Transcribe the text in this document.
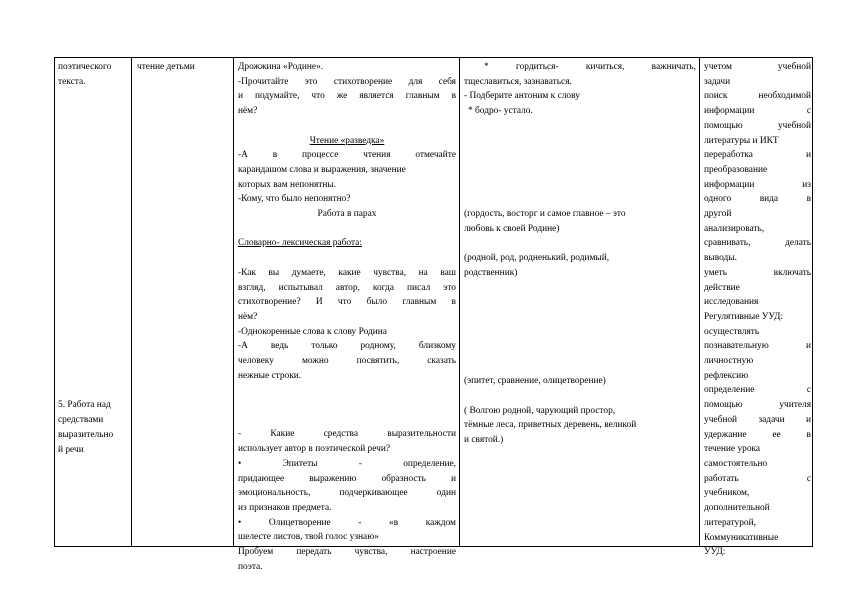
поэтического

текста.

5. Работа над

средствами

выразительно

й речи

чтение детьми	Дрожжина «Родине».

-Прочитайте это стихотворение для себя

и подумайте, что же является главным в

нём?

Чтение «разведка»

-А в процессе чтения отмечайте

карандашом слова и выражения, значение

которых вам непонятны.

-Кому, что было непонятно?

Работа в парах

Словарно- лексическая работа:

-Как вы думаете, какие чувства, на ваш

взгляд, испытывал автор, когда писал это

стихотворение? И что было главным в

нём?

-Однокоренные слова к слову Родина

-А ведь только родному, близкому

человеку можно посвятить, сказать

нежные строки.

- Какие средства выразительности

использует автор в поэтической речи?

• Эпитеты - определение,

придающее выражению образность и

эмоциональность, подчеркивающее один

из признаков предмета.

• Олицетворение - «в каждом

шелесте листов, твой голос узнаю»

Пробуем передать чувства, настроение

поэта.

* гордиться- кичиться, важничать,

тщеславиться, зазнаваться.

- Подберите антоним к слову

* бодро- устало.

(гордость, восторг и самое главное – это

любовь к своей Родине)

(родной, род, родненький, родимый,

родственник)

(эпитет, сравнение, олицетворение)

( Волгою родной, чарующий простор,

тёмные леса, приветных деревень, великой

и святой.)

учетом учебной

задачи

поиск необходимой

информации с

помощью учебной

литературы и ИКТ

переработка и

преобразование

информации из

одного вида в

другой

анализировать,

сравнивать, делать

выводы.

уметь включать

действие

исследования

Регулятивные УУД:

осуществлять

познавательную и

личностную

рефлексию

определение с

помощью учителя

учебной задачи и

удержание ее в

течение урока

самостоятельно

работать с

учебником,

дополнительной

литературой,

Коммуникативные

УУД:
